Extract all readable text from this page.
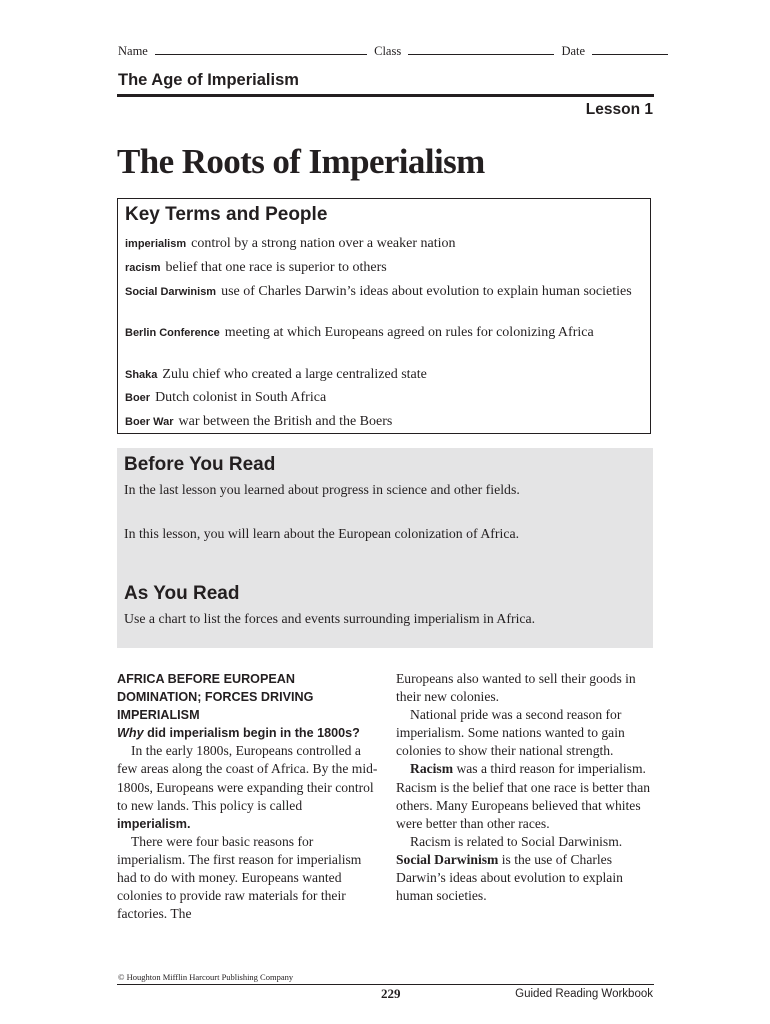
Name	Class	Date
The Age of Imperialism
Lesson 1
The Roots of Imperialism
Key Terms and People
imperialism control by a strong nation over a weaker nation
racism belief that one race is superior to others
Social Darwinism use of Charles Darwin’s ideas about evolution to explain human societies
Berlin Conference meeting at which Europeans agreed on rules for colonizing Africa
Shaka Zulu chief who created a large centralized state
Boer Dutch colonist in South Africa
Boer War war between the British and the Boers
Before You Read
In the last lesson you learned about progress in science and other fields.
In this lesson, you will learn about the European colonization of Africa.
As You Read
Use a chart to list the forces and events surrounding imperialism in Africa.
AFRICA BEFORE EUROPEAN DOMINATION; FORCES DRIVING IMPERIALISM
Why did imperialism begin in the 1800s?

In the early 1800s, Europeans controlled a few areas along the coast of Africa. By the mid-1800s, Europeans were expanding their control to new lands. This policy is called imperialism.

There were four basic reasons for imperialism. The first reason for imperialism had to do with money. Europeans wanted colonies to provide raw materials for their factories. The

Europeans also wanted to sell their goods in their new colonies.

National pride was a second reason for imperialism. Some nations wanted to gain colonies to show their national strength.

Racism was a third reason for imperialism. Racism is the belief that one race is better than others. Many Europeans believed that whites were better than other races.

Racism is related to Social Darwinism. Social Darwinism is the use of Charles Darwin’s ideas about evolution to explain human societies.

© Houghton Mifflin Harcourt Publishing Company
229	Guided Reading Workbook
